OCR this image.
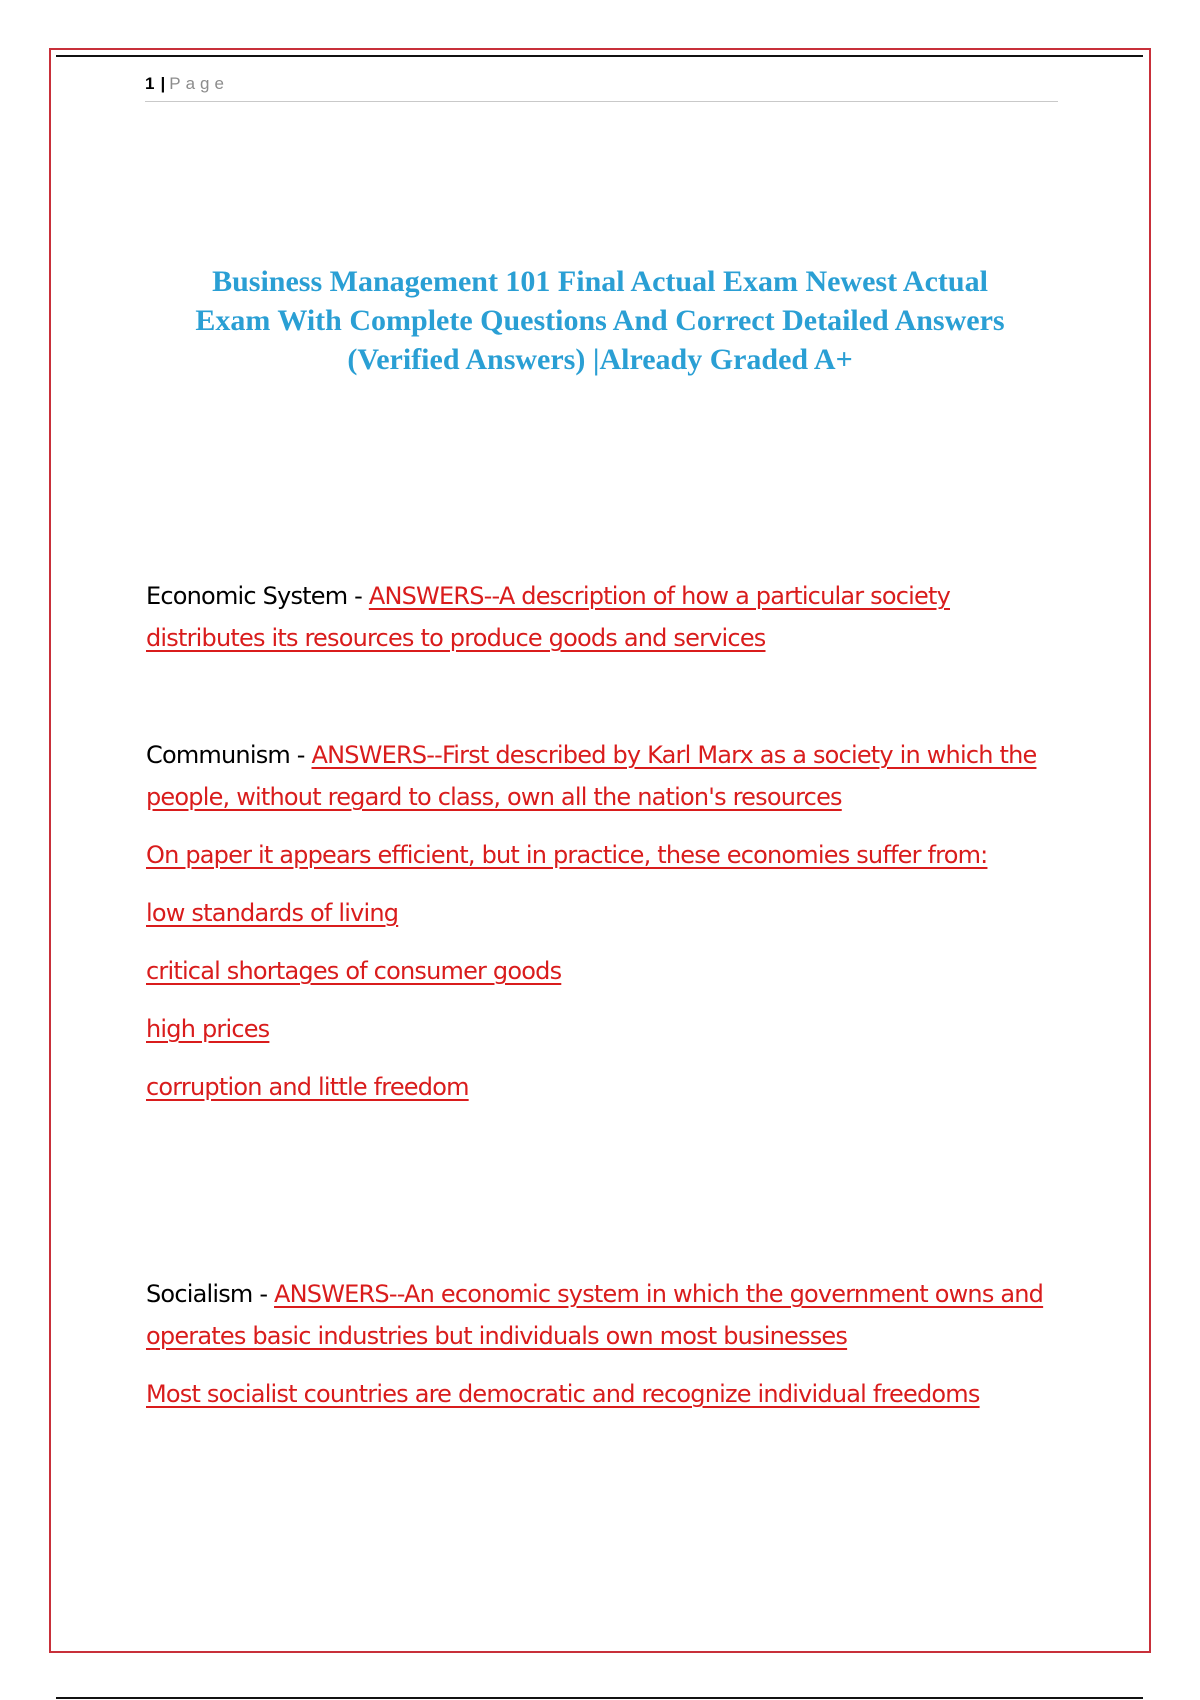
1 | Page
Business Management 101 Final Actual Exam Newest Actual
Exam With Complete Questions And Correct Detailed Answers
(Verified Answers) |Already Graded A+

Economic System - ANSWERS--A description of how a particular society distributes its resources to produce goods and services

Communism - ANSWERS--First described by Karl Marx as a society in which the people, without regard to class, own all the nation's resources

On paper it appears efficient, but in practice, these economies suffer from:

low standards of living

critical shortages of consumer goods

high prices

corruption and little freedom

Socialism - ANSWERS--An economic system in which the government owns and operates basic industries but individuals own most businesses

Most socialist countries are democratic and recognize individual freedoms
